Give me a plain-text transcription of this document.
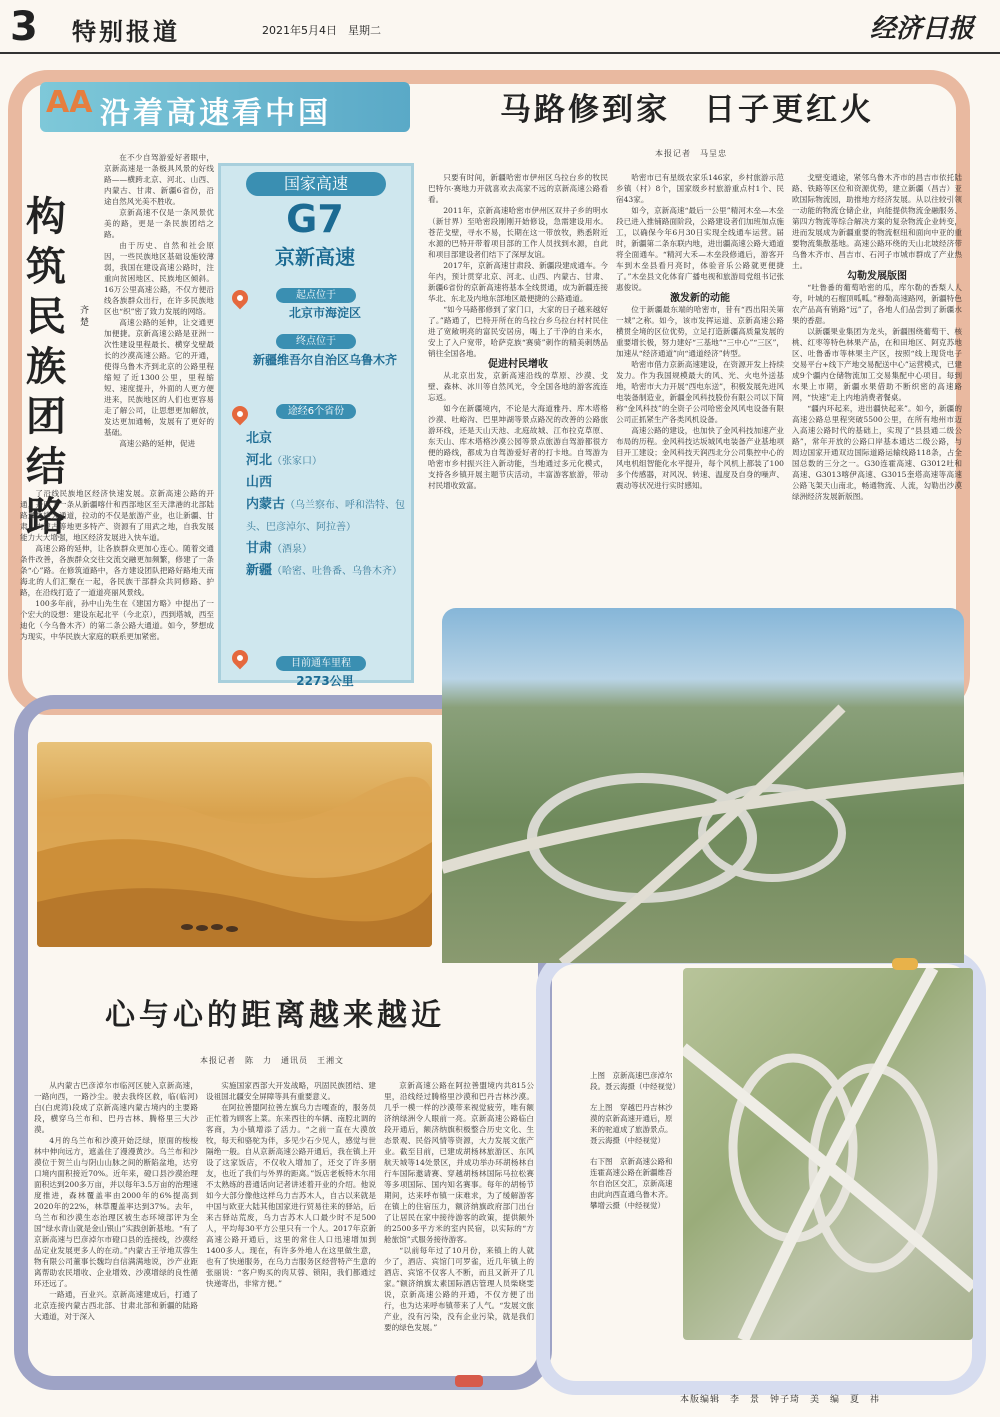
3 特别报道	2021年5月4日　星期二	经济日报
AA 沿着高速看中国
构筑民族团结路
齐 楚

在不少自驾游爱好者眼中，京新高速是一条极具风景的好线路——横跨北京、河北、山西、内蒙古、甘肃、新疆6省份，沿途自然风光美不胜收。

京新高速不仅是一条风景优美的路，更是一条民族团结之路。

由于历史、自然和社会原因，一些民族地区基础设施较薄弱，我国在建设高速公路时，注重向贫困地区、民族地区倾斜。16万公里高速公路，不仅方便沿线各族群众出行，在许多民族地区也“织”密了致力发展的网络。

高速公路的延伸，让交通更加便捷。京新高速公路是亚洲一次性建设里程最长、横穿戈壁最长的沙漠高速公路。它的开通，使得乌鲁木齐到北京的公路里程缩短了近1300公里，里程缩短、速度提升，外面的人更方便进来，民族地区的人们也更容易走了解公司，让思想更加解放，发达更加通畅，发展有了更好的基础。

高速公路的延伸，促进

了沿线民族地区经济快速发展。京新高速公路的开通，开辟了一条从新疆喀什和西部地区至天津港的北部陆路最快捷大通道，拉动的不仅是旅游产业，也让新疆、甘肃、内蒙古等地更多特产、资源有了用武之地，自我发展能力大大增强，地区经济发展进入快车道。

高速公路的延伸，让各族群众更加心连心。随着交通条件改善，各族群众交往交流交融更加频繁，修建了一条条“心”路。在修筑道路中，各方建设团队把路好路地天南海北的人们汇聚在一起，各民族干部群众共同修路、护路，在沿线打造了一道道亮丽风景线。

100多年前，孙中山先生在《建国方略》中提出了一个宏大的设想：建设东起北平（今北京），西到塔城，西至迪化（今乌鲁木齐）的第二条公路大通道。如今，梦想成为现实，中华民族大家庭的联系更加紧密。

国家高速
G7
京新高速
起点位于
北京市海淀区
终点位于
新疆维吾尔自治区乌鲁木齐
途经6个省份
北京
河北（张家口）
山西
内蒙古（乌兰察布、呼和浩特、包头、巴彦淖尔、阿拉善）
甘肃（酒泉）
新疆（哈密、吐鲁番、乌鲁木齐）
目前通车里程
2273公里
马路修到家　日子更红火
本报记者　马呈忠

只要有时间，新疆哈密市伊州区乌拉台乡的牧民巴特尔·赛地力开就喜欢去高家不远的京新高速公路看看。

2011年，京新高速哈密市伊州区双井子乡的明水（新甘界）至哈密段刚刚开始修设，急需建设用水。苍茫戈壁，寻水不易，长期在这一带放牧，熟悉附近水源的巴特开带着项目部的工作人员找到水源，自此和项目部建设者们结下了深厚友谊。

2017年，京新高速甘肃段、新疆段建成通车。今年内，预计贯穿北京、河北、山西、内蒙古、甘肃、新疆6省份的京新高速将基本全线贯通，成为新疆连接华北、东北及内地东部地区最便捷的公路通道。

“如今马路都修到了家门口，大家的日子越来越好了。”路通了，巴特开所在的乌拉台乡乌拉台村村民住进了宽敞明亮的富民安居房，喝上了干净的自来水，安上了入户宽带，哈萨克族“赛骑”刺作的精美刺绣品销往全国各地。

促进村民增收

从北京出发，京新高速沿线的草原、沙漠、戈壁、森林、冰川等自然风光，令全国各地的游客流连忘返。

如今在新疆境内，不论是大海道雅丹、库木塔格沙漠、吐峪沟、巴里坤湖等景点路况的改善的公路旅游环线，还是天山天池、北庭故城、江布拉克草原、东天山、库木塔格沙漠公园等景点旅游自驾游都很方便的路线，都成为自驾游爱好者的打卡地。自驾游为哈密市乡村振兴注入新动能，当地通过多元化模式，支持各乡镇开展主题节庆活动，丰富游客旅游，带动村民增收致富。

哈密市已有星级农家乐146家，乡村旅游示范乡镇（村）8个，国家级乡村旅游重点村1个、民宿43家。

如今，京新高速“最后一公里”精河木垒—木垒段已进入推铺路面阶段，公路建设者们加班加点施工，以确保今年6月30日实现全线通车运营。届时，新疆第二条东联内地，进出疆高速公路大通道将全面通车。“精河大禾—木垒段修通后，游客开车到木垒县看月亮时，体验音乐公路就更便捷了。”木垒县文化体育广播电视和旅游局党组书记张惠俊说。

激发新的动能

位于新疆最东端的哈密市，昔有“西出阳关第一城”之称。如今，该市发挥运道、京新高速公路横贯全境的区位优势，立足打造新疆高质量发展的重要增长极，努力建好“三基地”“三中心”“三区”，加速从“经济通道”向“通道经济”转型。

哈密市借力京新高速建设，在资源开发上持续发力。作为我国规模最大的风、光、火电外送基地，哈密市大力开展“西电东送”，积极发展先进风电装备制造业，新疆金风科技股份有限公司以下简称“金风科技”的全资子公司哈密金风风电设备有限公司正抓紧生产各类风机设备。

高速公路的建设，也加快了金风科技加速产业布局的历程。金风科技达坂城风电装备产业基地项目开工建设；金风科技天润西北分公司集控中心的风电机组智能化水平提升，每个风机上都装了100多个传感器，对风况、转速、温度及自身的噪声、震动等状况进行实时感知。

戈壁变通途，紧邻乌鲁木齐市的昌吉市依托陆路、铁路等区位和资源优势，建立新疆（昌吉）亚欧国际物流园，助推地方经济发展。从以往较引领一动能的物流仓储企业，向能提供物流金融服务、第四方物流等综合解决方案的复杂物流企业转变，进而发展成为新疆重要的物流枢纽和面向中亚的重要物流集散基地。高速公路环绕的天山北坡经济带乌鲁木齐市、昌吉市、石河子市城市群成了产业热土。

勾勒发展版图

“吐鲁番的葡萄哈密的瓜，库尔勒的香梨人人夸，叶城的石榴顶呱呱。”穆勒高速路网，新疆特色农产品高有销路“远”了，各地人们品尝到了新疆水果的香甜。

以新疆果业集团为龙头，新疆围绕葡萄干、核桃、红枣等特色林果产品，在和田地区、阿克苏地区、吐鲁番市等林果主产区，按照“线上现货电子交易平台+线下产地交易配送中心”运营模式，已建成9个疆内仓储物流加工交易集配中心项目。每到水果上市期，新疆水果借助不断织密的高速路网，“快速”走上内地消费者餐桌。

“疆内环起来，进出疆快起来”。如今，新疆的高速公路总里程突破5500公里，在所有地州市迈入高速公路时代的基础上，实现了“县县通二级公路”，常年开放的公路口岸基本通达二级公路，与周边国家开通双边国际道路运输线路118条，占全国总数的三分之一。G30连霍高速、G3012吐和高速、G3013喀伊高速、G3015奎塔高速等高速公路飞架天山南北，畅通物流、人流，勾勒出沙漠绿洲经济发展新版图。

心与心的距离越来越近
本报记者　陈　力　通讯员　王湘文

从内蒙古巴彦淖尔市临河区驶入京新高速，一路向西，一路沙尘。驶去我终区救，临(临河)白(白虎湾)段成了京新高速内蒙古境内的主要路段，横穿乌兰布和、巴丹吉林、腾格里三大沙漠。

4月的乌兰布和沙漠开始泛绿，原面的梭梭林中伸向远方，遮盖住了漫漫黄沙。乌兰布和沙漠位于贺兰山与阴山山脉之间的断陷盆地，达穷口境内面积接近70%。近年来，磴口县沙漠治理面积达到200多万亩，并以每年3.5万亩的治理速度推进，森林覆盖率由2000年的6%提高到2020年的22%，林草覆盖率达到37%。去年，乌兰布和沙漠生态治理区被生态环境部评为全国“绿水青山就是金山银山”实践创新基地。“有了京新高速与巴彦淖尔市磴口县的连接线，沙漠经品定业发展更多人的在动。”内蒙古王爷地苁蓉生物有限公司董事长魏均自信满满地说，沙产业距离帮助农民增收、企业增效、沙漠增绿的良性循环还远了。

一路通，百业兴。京新高速建成后，打通了北京连接内蒙古西北部、甘肃北部和新疆的陆路大通道，对于深入

实施国家西部大开发战略，巩固民族团结、建设祖国北疆安全屏障等具有重要意义。

在阿拉善盟阿拉善左旗乌力吉嘎查的，服务员正忙着为顾客上菜。东来西往的车辆、南腔北调的客商，为小镇增添了活力。“之前一直在大漠放牧，每天和骆驼为伴，多见少石少见人，感觉与世隔绝一般。自从京新高速公路开通后，我在镇上开设了这家饭店，不仅收入增加了，还交了许多朋友，也近了我们与外界的距离。”饭店老板特木尔用不太熟练的普通话向记者讲述着开业的介绍。他说如今大部分像他这样乌力吉苏木人，自古以来就是中国与欧亚大陆其他国家进行贸易往来的驿站，后来古驿站荒废，乌力吉苏木人口最少时不足500人，平均每30平方公里只有一个人。2017年京新高速公路开通后，这里的常住人口迅速增加到1400多人。现在，有许多外地人在这里做生意，也有了快递服务，在乌力吉服务区经营特产生意的张丽说：“客户购买的肉苁蓉、锁阳，我们都通过快递寄出，非常方便。”

京新高速公路在阿拉善盟境内共815公里，沿线经过腾格里沙漠和巴丹吉林沙漠。几乎一模一样的沙漠带来视觉疲劳，唯有额济纳绿洲令人眼前一亮。京新高速公路临白段开通后，额济纳旗积极整合历史文化、生态景观、民俗风情等资源，大力发展文旅产业。截至目前，已建成胡杨林旅游区、东风航天城等14处景区，并成功举办环胡杨林自行车国际邀请赛、穿越胡杨林国际马拉松赛等多项国际、国内知名赛事。每年的胡杨节期间，达来呼布镇一床难求，为了缓解游客在镇上的住宿压力，额济纳旗政府部门出台了让居民在家中接待游客的政策，提供额外的2500多平方米的室内民宿，以实际的“方舱旅馆”式服务接待游客。

“以前每年过了10月份，来镇上的人就少了，酒店、宾馆门可罗雀，近几年镇上的酒店、宾馆不仅客人不断，而且又新开了几家。”额济纳旗太素国际酒店管理人员柴晓雯说，京新高速公路的开通，不仅方便了出行，也为达来呼布镇带来了人气。“发展文旅产业，没有污染，没有企业污染，就是我们要的绿色发展。”

上图　京新高速巴彦淖尔段。聂云海摄（中经视觉）
左上图　穿越巴丹吉林沙漠的京新高速开通后，原来的驼道成了旅游景点。聂云海摄（中经视觉）
右下图　京新高速公路和连霍高速公路在新疆维吾尔自治区交汇，京新高速由此向西直通乌鲁木齐。　攀增云摄（中经视觉）
本版编辑　李　景　钟子琦　美　编　夏　祎
